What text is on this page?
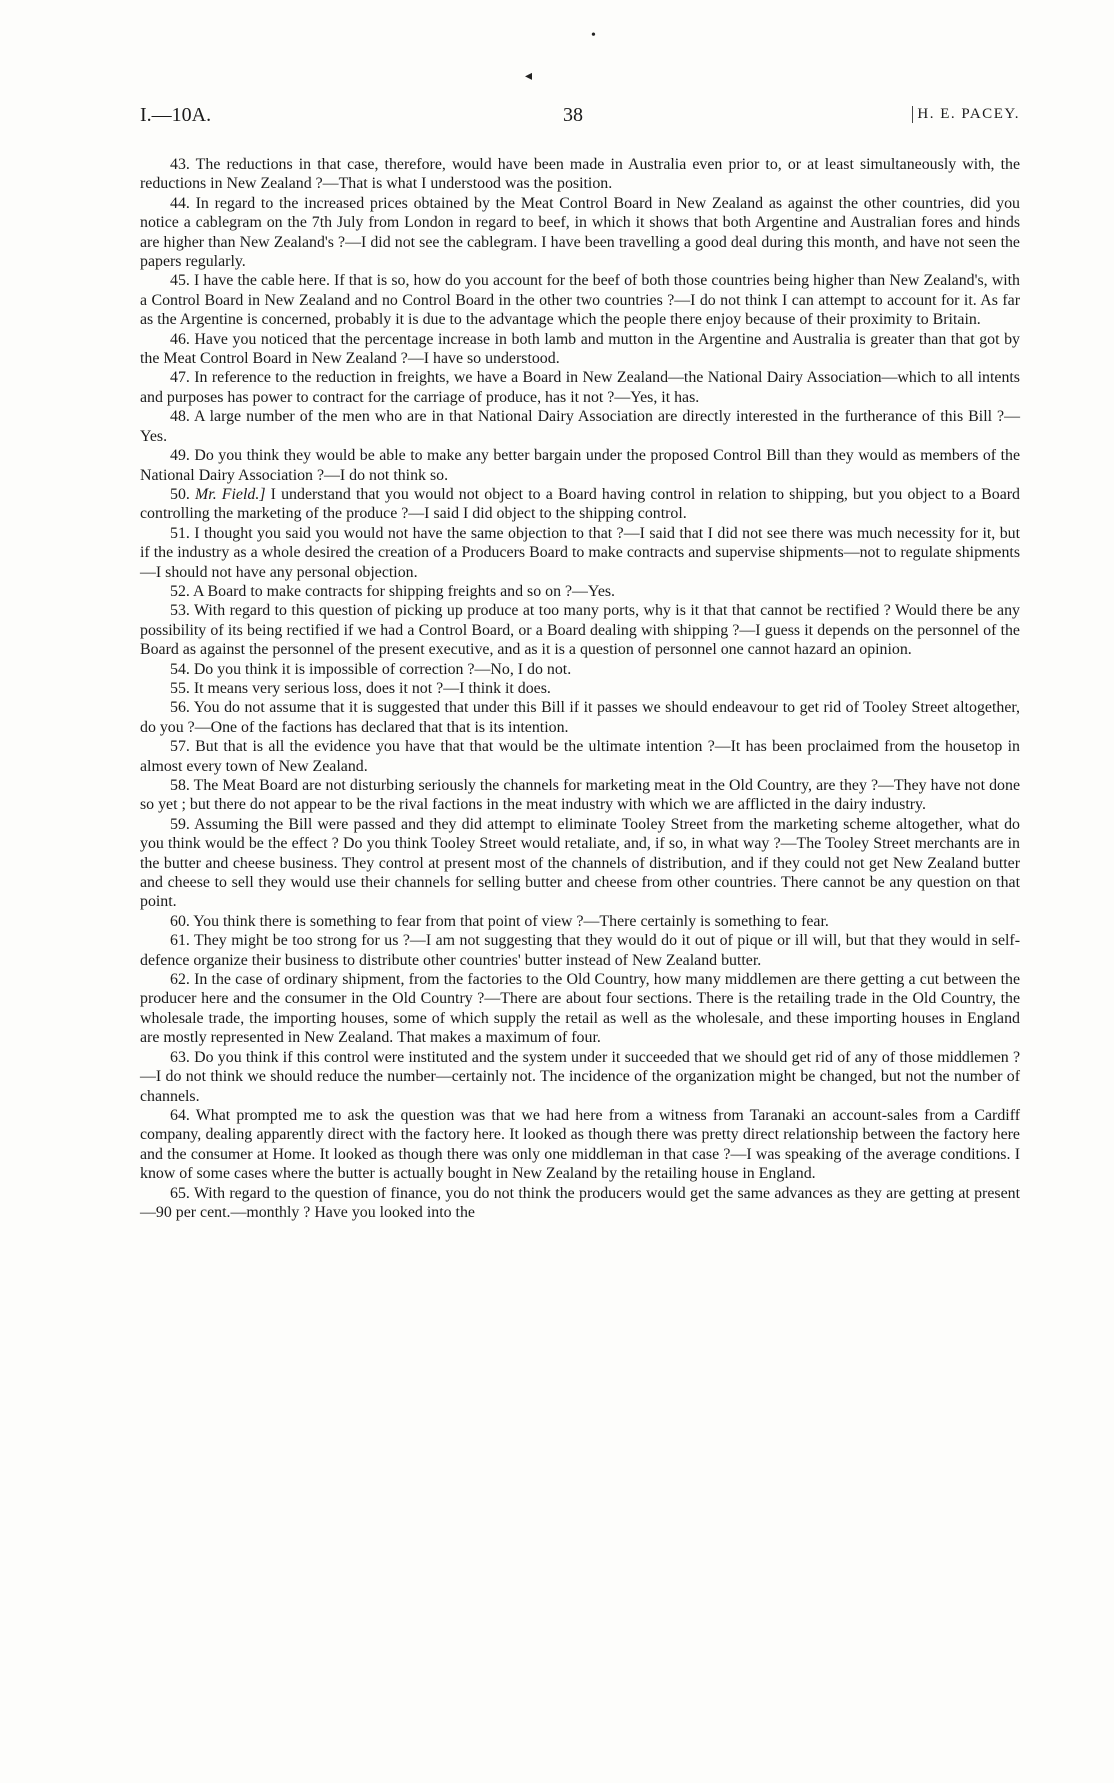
•
◂
I.—10A.	38	H. E. PACEY.

43. The reductions in that case, therefore, would have been made in Australia even prior to, or at least simultaneously with, the reductions in New Zealand ?—That is what I understood was the position.

44. In regard to the increased prices obtained by the Meat Control Board in New Zealand as against the other countries, did you notice a cablegram on the 7th July from London in regard to beef, in which it shows that both Argentine and Australian fores and hinds are higher than New Zealand's ?—I did not see the cablegram. I have been travelling a good deal during this month, and have not seen the papers regularly.

45. I have the cable here. If that is so, how do you account for the beef of both those countries being higher than New Zealand's, with a Control Board in New Zealand and no Control Board in the other two countries ?—I do not think I can attempt to account for it. As far as the Argentine is concerned, probably it is due to the advantage which the people there enjoy because of their proximity to Britain.

46. Have you noticed that the percentage increase in both lamb and mutton in the Argentine and Australia is greater than that got by the Meat Control Board in New Zealand ?—I have so understood.

47. In reference to the reduction in freights, we have a Board in New Zealand—the National Dairy Association—which to all intents and purposes has power to contract for the carriage of produce, has it not ?—Yes, it has.

48. A large number of the men who are in that National Dairy Association are directly interested in the furtherance of this Bill ?—Yes.

49. Do you think they would be able to make any better bargain under the proposed Control Bill than they would as members of the National Dairy Association ?—I do not think so.

50. Mr. Field.] I understand that you would not object to a Board having control in relation to shipping, but you object to a Board controlling the marketing of the produce ?—I said I did object to the shipping control.

51. I thought you said you would not have the same objection to that ?—I said that I did not see there was much necessity for it, but if the industry as a whole desired the creation of a Producers Board to make contracts and supervise shipments—not to regulate shipments—I should not have any personal objection.

52. A Board to make contracts for shipping freights and so on ?—Yes.

53. With regard to this question of picking up produce at too many ports, why is it that that cannot be rectified ? Would there be any possibility of its being rectified if we had a Control Board, or a Board dealing with shipping ?—I guess it depends on the personnel of the Board as against the personnel of the present executive, and as it is a question of personnel one cannot hazard an opinion.

54. Do you think it is impossible of correction ?—No, I do not.

55. It means very serious loss, does it not ?—I think it does.

56. You do not assume that it is suggested that under this Bill if it passes we should endeavour to get rid of Tooley Street altogether, do you ?—One of the factions has declared that that is its intention.

57. But that is all the evidence you have that that would be the ultimate intention ?—It has been proclaimed from the housetop in almost every town of New Zealand.

58. The Meat Board are not disturbing seriously the channels for marketing meat in the Old Country, are they ?—They have not done so yet ; but there do not appear to be the rival factions in the meat industry with which we are afflicted in the dairy industry.

59. Assuming the Bill were passed and they did attempt to eliminate Tooley Street from the marketing scheme altogether, what do you think would be the effect ? Do you think Tooley Street would retaliate, and, if so, in what way ?—The Tooley Street merchants are in the butter and cheese business. They control at present most of the channels of distribution, and if they could not get New Zealand butter and cheese to sell they would use their channels for selling butter and cheese from other countries. There cannot be any question on that point.

60. You think there is something to fear from that point of view ?—There certainly is something to fear.

61. They might be too strong for us ?—I am not suggesting that they would do it out of pique or ill will, but that they would in self-defence organize their business to distribute other countries' butter instead of New Zealand butter.

62. In the case of ordinary shipment, from the factories to the Old Country, how many middlemen are there getting a cut between the producer here and the consumer in the Old Country ?—There are about four sections. There is the retailing trade in the Old Country, the wholesale trade, the importing houses, some of which supply the retail as well as the wholesale, and these importing houses in England are mostly represented in New Zealand. That makes a maximum of four.

63. Do you think if this control were instituted and the system under it succeeded that we should get rid of any of those middlemen ?—I do not think we should reduce the number—certainly not. The incidence of the organization might be changed, but not the number of channels.

64. What prompted me to ask the question was that we had here from a witness from Taranaki an account-sales from a Cardiff company, dealing apparently direct with the factory here. It looked as though there was pretty direct relationship between the factory here and the consumer at Home. It looked as though there was only one middleman in that case ?—I was speaking of the average conditions. I know of some cases where the butter is actually bought in New Zealand by the retailing house in England.

65. With regard to the question of finance, you do not think the producers would get the same advances as they are getting at present—90 per cent.—monthly ? Have you looked into the
